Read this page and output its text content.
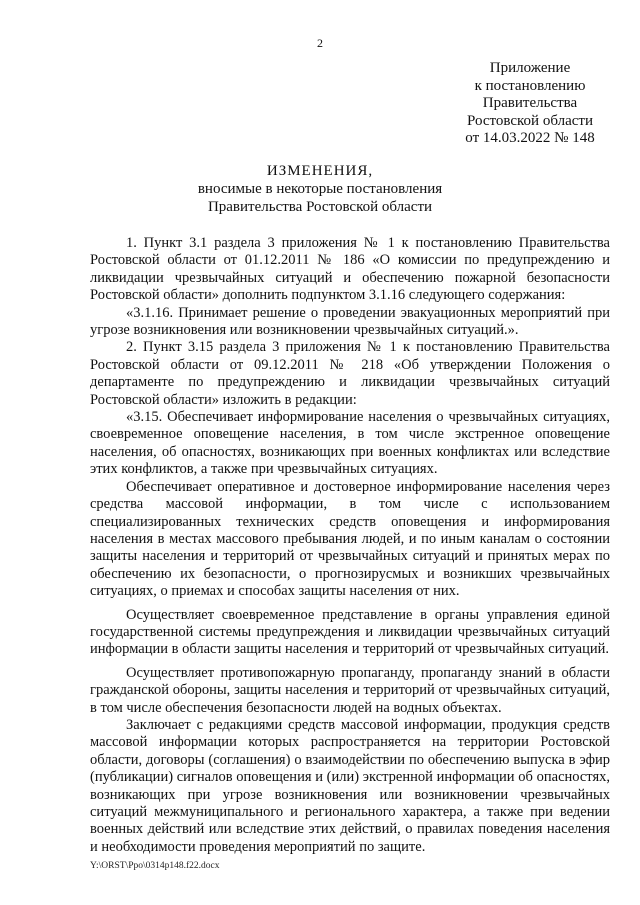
2
Приложение
к постановлению
Правительства
Ростовской области
от 14.03.2022 № 148
ИЗМЕНЕНИЯ,
вносимые в некоторые постановления
Правительства Ростовской области

1. Пункт 3.1 раздела 3 приложения № 1 к постановлению Правительства Ростовской области от 01.12.2011 № 186 «О комиссии по предупреждению и ликвидации чрезвычайных ситуаций и обеспечению пожарной безопасности Ростовской области» дополнить подпунктом 3.1.16 следующего содержания:

«3.1.16. Принимает решение о проведении эвакуационных мероприятий при угрозе возникновения или возникновении чрезвычайных ситуаций.».

2. Пункт 3.15 раздела 3 приложения № 1 к постановлению Правительства Ростовской области от 09.12.2011 № 218 «Об утверждении Положения о департаменте по предупреждению и ликвидации чрезвычайных ситуаций Ростовской области» изложить в редакции:

«3.15. Обеспечивает информирование населения о чрезвычайных ситуациях, своевременное оповещение населения, в том числе экстренное оповещение населения, об опасностях, возникающих при военных конфликтах или вследствие этих конфликтов, а также при чрезвычайных ситуациях.

Обеспечивает оперативное и достоверное информирование населения через средства массовой информации, в том числе с использованием специализированных технических средств оповещения и информирования населения в местах массового пребывания людей, и по иным каналам о состоянии защиты населения и территорий от чрезвычайных ситуаций и принятых мерах по обеспечению их безопасности, о прогнозирусмых и возникших чрезвычайных ситуациях, о приемах и способах защиты населения от них.

Осуществляет своевременное представление в органы управления единой государственной системы предупреждения и ликвидации чрезвычайных ситуаций информации в области защиты населения и территорий от чрезвычайных ситуаций.

Осуществляет противопожарную пропаганду, пропаганду знаний в области гражданской обороны, защиты населения и территорий от чрезвычайных ситуаций, в том числе обеспечения безопасности людей на водных объектах.

Заключает с редакциями средств массовой информации, продукция средств массовой информации которых распространяется на территории Ростовской области, договоры (соглашения) о взаимодействии по обеспечению выпуска в эфир (публикации) сигналов оповещения и (или) экстренной информации об опасностях, возникающих при угрозе возникновения или возникновении чрезвычайных ситуаций межмуниципального и регионального характера, а также при ведении военных действий или вследствие этих действий, о правилах поведения населения и необходимости проведения мероприятий по защите.

Y:\ORST\Ppo\0314p148.f22.docx
